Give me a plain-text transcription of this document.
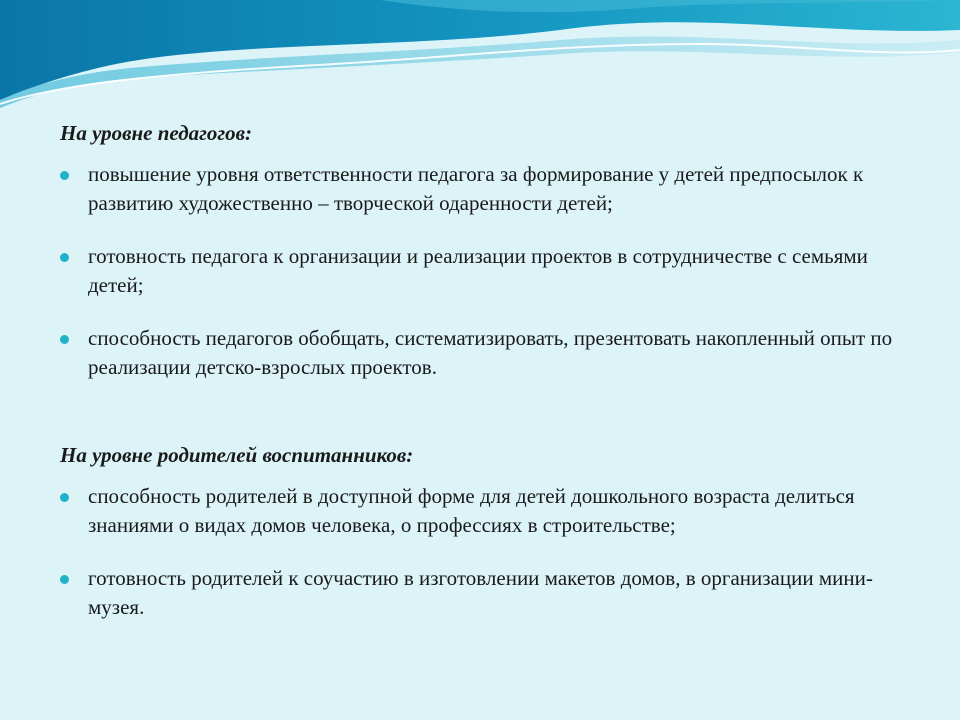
На уровне педагогов:
повышение уровня ответственности педагога за формирование у детей предпосылок к развитию художественно – творческой одаренности детей;
готовность педагога к организации и реализации проектов в сотрудничестве с семьями детей;
способность педагогов обобщать, систематизировать, презентовать накопленный опыт по реализации детско-взрослых проектов.
На уровне родителей воспитанников:
способность родителей в доступной форме для детей дошкольного возраста делиться знаниями о видах домов человека, о профессиях в строительстве;
готовность родителей к соучастию в изготовлении макетов домов, в организации мини-музея.
